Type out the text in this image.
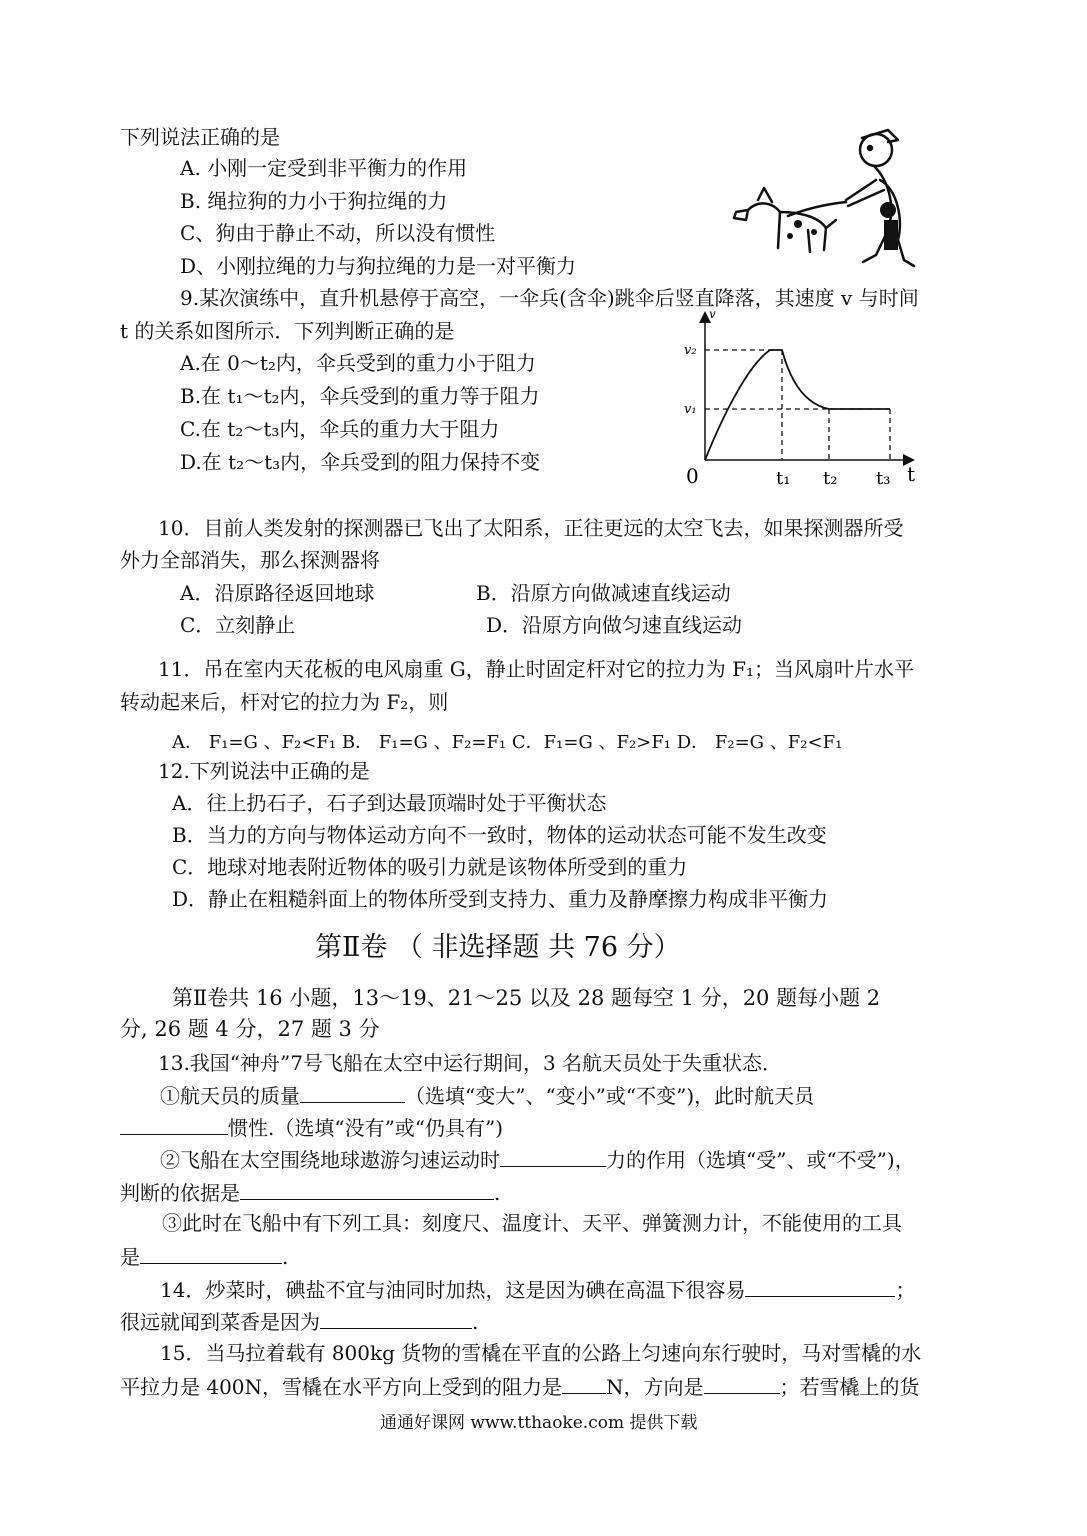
下列说法正确的是
A. 小刚一定受到非平衡力的作用
B. 绳拉狗的力小于狗拉绳的力
C、狗由于静止不动，所以没有惯性
D、小刚拉绳的力与狗拉绳的力是一对平衡力
9.某次演练中，直升机悬停于高空，一伞兵(含伞)跳伞后竖直降落，其速度 v 与时间
t 的关系如图所示．下列判断正确的是
A.在 0～t₂内，伞兵受到的重力小于阻力
B.在 t₁～t₂内，伞兵受到的重力等于阻力
C.在 t₂～t₃内，伞兵的重力大于阻力
D.在 t₂～t₃内，伞兵受到的阻力保持不变
v
v₂
v₁
0	t₁ t₂ t₃ t
10．目前人类发射的探测器已飞出了太阳系，正往更远的太空飞去，如果探测器所受
外力全部消失，那么探测器将
A．沿原路径返回地球	B．沿原方向做减速直线运动
C．立刻静止	D．沿原方向做匀速直线运动
11．吊在室内天花板的电风扇重 G，静止时固定杆对它的拉力为 F₁；当风扇叶片水平
转动起来后，杆对它的拉力为 F₂，则
A． F₁=G 、F₂<F₁ B． F₁=G 、F₂=F₁ C．F₁=G 、F₂>F₁ D． F₂=G 、F₂<F₁
12.下列说法中正确的是
A．往上扔石子，石子到达最顶端时处于平衡状态
B．当力的方向与物体运动方向不一致时，物体的运动状态可能不发生改变
C．地球对地表附近物体的吸引力就是该物体所受到的重力
D．静止在粗糙斜面上的物体所受到支持力、重力及静摩擦力构成非平衡力
第Ⅱ卷 （ 非选择题 共 76 分）
第Ⅱ卷共 16 小题，13～19、21～25 以及 28 题每空 1 分，20 题每小题 2
分, 26 题 4 分，27 题 3 分
13.我国“神舟”7号飞船在太空中运行期间，3 名航天员处于失重状态．
①航天员的质量	（选填“变大”、“变小”或“不变”)，此时航天员
惯性.（选填“没有”或“仍具有”)
②飞船在太空围绕地球遨游匀速运动时	力的作用（选填“受”、或“不受”)，
判断的依据是	.
③此时在飞船中有下列工具：刻度尺、温度计、天平、弹簧测力计，不能使用的工具
是	.
14．炒菜时，碘盐不宜与油同时加热，这是因为碘在高温下很容易	；
很远就闻到菜香是因为	.
15．当马拉着载有 800kg 货物的雪橇在平直的公路上匀速向东行驶时，马对雪橇的水
平拉力是 400N，雪橇在水平方向上受到的阻力是 N，方向是	；若雪橇上的货
通通好课网 www.tthaoke.com 提供下载
